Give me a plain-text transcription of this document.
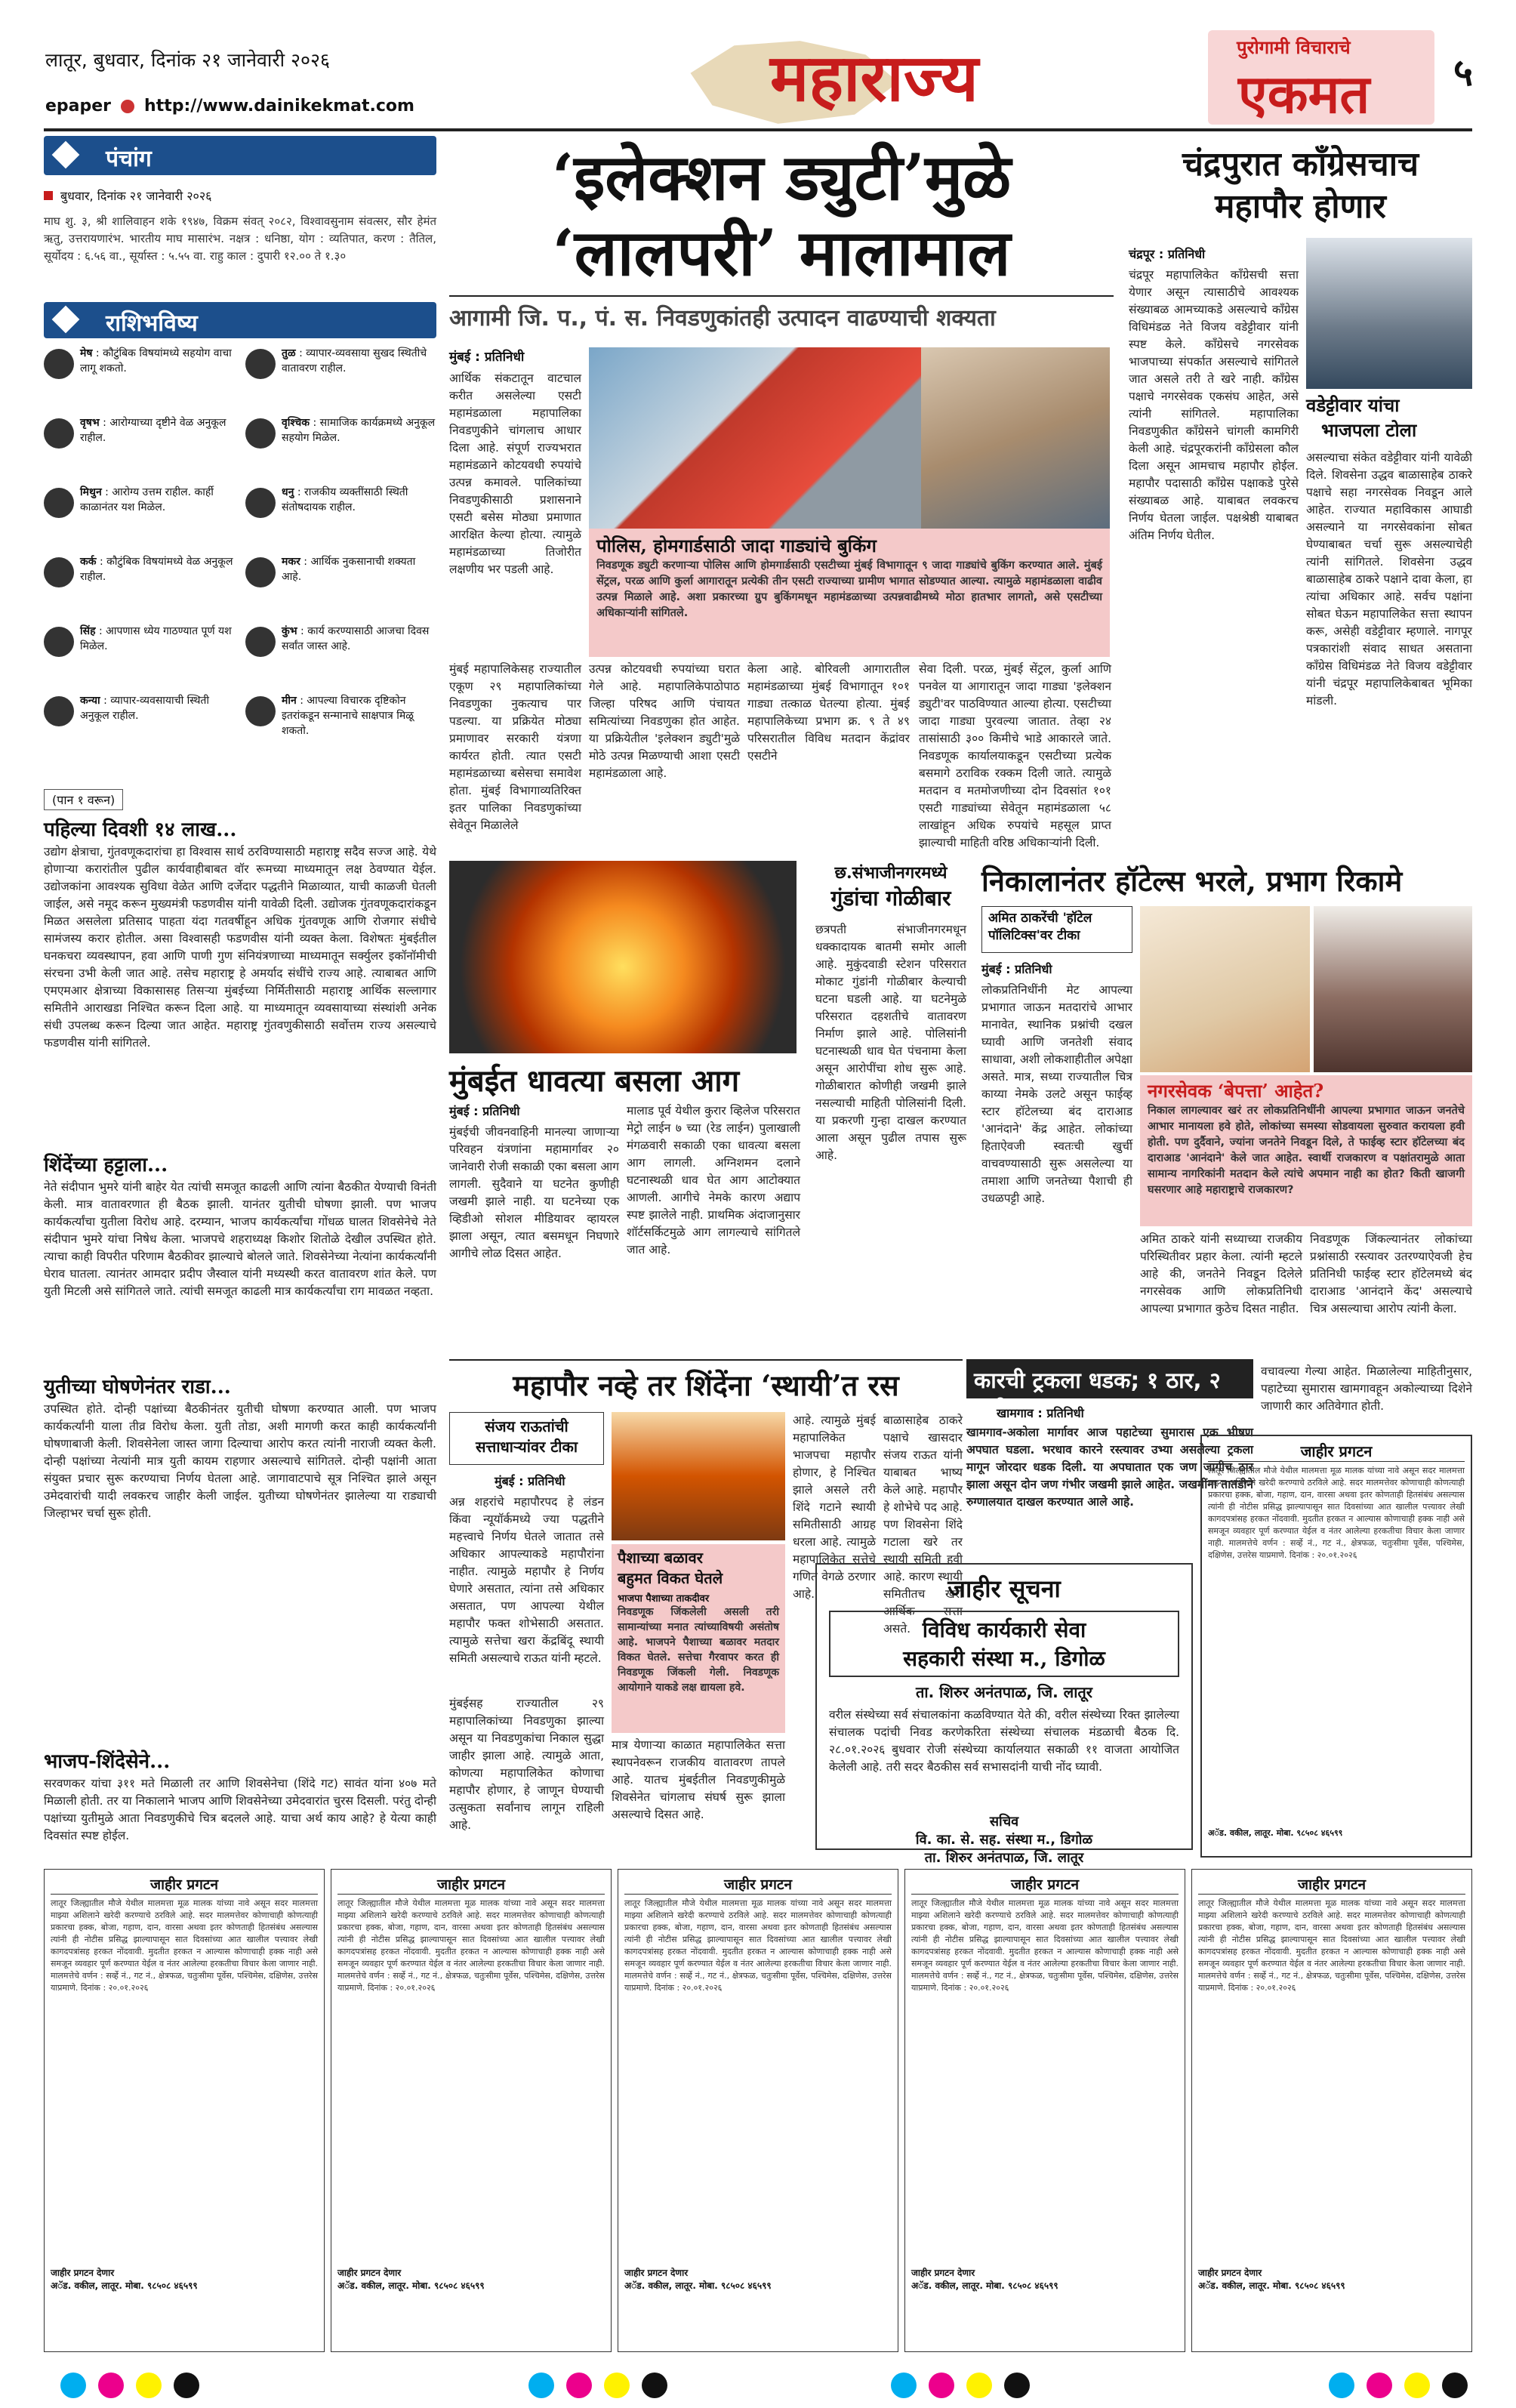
लातूर, बुधवार, दिनांक २१ जानेवारी २०२६
epaper http://www.dainikekmat.com	महाराज्य	पुरोगामी विचाराचे
एकमत ५
पंचांग
बुधवार, दिनांक २१ जानेवारी २०२६
माघ शु. ३, श्री शालिवाहन शके १९४७, विक्रम संवत् २०८२, विश्वावसुनाम संवत्सर, सौर हेमंत ऋतु, उत्तरायणारंभ. भारतीय माघ मासारंभ. नक्षत्र : धनिष्ठा, योग : व्यतिपात, करण : तैतिल, सूर्योदय : ६.५६ वा., सूर्यास्त : ५.५५ वा. राहु काल : दुपारी १२.०० ते १.३०
राशिभविष्य
मेष : कौटुंबिक विषयांमध्ये सहयोग वाचा लागू शकतो.
तुळ : व्यापार-व्यवसाया सुखद स्थितीचे वातावरण राहील.
वृषभ : आरोग्याच्या दृष्टीने वेळ अनुकूल राहील.
वृश्चिक : सामाजिक कार्यक्रमध्ये अनुकूल सहयोग मिळेल.
मिथुन : आरोग्य उत्तम राहील. कार्ही काळानंतर यश मिळेल.
धनु : राजकीय व्यक्तींसाठी स्थिती संतोषदायक राहील.
कर्क : कौटुंबिक विषयांमध्ये वेळ अनुकूल राहील.
मकर : आर्थिक नुकसानाची शक्यता आहे.
सिंह : आपणास ध्येय गाठण्यात पूर्ण यश मिळेल.
कुंभ : कार्य करण्यासाठी आजचा दिवस सर्वांत जास्त आहे.
कन्या : व्यापार-व्यवसायाची स्थिती अनुकूल राहील.
मीन : आपल्या विचारक दृष्टिकोन इतरांकडून सन्मानाचे साक्षपात्र मिळू शकतो.
(पान १ वरून)
पहिल्या दिवशी १४ लाख...
उद्योग क्षेत्राचा, गुंतवणूकदारांचा हा विश्वास सार्थ ठरविण्यासाठी महाराष्ट्र सदैव सज्ज आहे. येथे होणाऱ्या करारांतील पुढील कार्यवाहीबाबत वॉर रूमच्या माध्यमातून लक्ष ठेवण्यात येईल. उद्योजकांना आवश्यक सुविधा वेळेत आणि दर्जेदार पद्धतीने मिळाव्यात, याची काळजी घेतली जाईल, असे नमूद करून मुख्यमंत्री फडणवीस यांनी यावेळी दिली. उद्योजक गुंतवणूकदारांकडून मिळत असलेला प्रतिसाद पाहता यंदा गतवर्षीहून अधिक गुंतवणूक आणि रोजगार संधीचे सामंजस्य करार होतील. असा विश्वासही फडणवीस यांनी व्यक्त केला. विशेषतः मुंबईतील घनकचरा व्यवस्थापन, हवा आणि पाणी गुण संनियंत्रणाच्या माध्यमातून सर्क्युलर इकॉनॉमीची संरचना उभी केली जात आहे. तसेच महाराष्ट्र हे अमर्याद संधींचे राज्य आहे. त्याबाबत आणि एमएमआर क्षेत्राच्या विकासासह तिसऱ्या मुंबईच्या निर्मितीसाठी महाराष्ट्र आर्थिक सल्लागार समितीने आराखडा निश्चित करून दिला आहे. या माध्यमातून व्यवसायाच्या संस्थांशी अनेक संधी उपलब्ध करून दिल्या जात आहेत. महाराष्ट्र गुंतवणुकीसाठी सर्वोत्तम राज्य असल्याचे फडणवीस यांनी सांगितले.
शिंदेंच्या हट्टाला...
नेते संदीपान भुमरे यांनी बाहेर येत त्यांची समजूत काढली आणि त्यांना बैठकीत येण्याची विनंती केली. मात्र वातावरणात ही बैठक झाली. यानंतर युतीची घोषणा झाली. पण भाजप कार्यकर्त्यांचा युतीला विरोध आहे. दरम्यान, भाजप कार्यकर्त्यांचा गोंधळ घालत शिवसेनेचे नेते संदीपान भुमरे यांचा निषेध केला. भाजपचे शहराध्यक्ष किशोर शितोळे देखील उपस्थित होते. त्याचा काही विपरीत परिणाम बैठकीवर झाल्याचे बोलले जाते. शिवसेनेच्या नेत्यांना कार्यकर्त्यांनी घेराव घातला. त्यानंतर आमदार प्रदीप जैस्वाल यांनी मध्यस्थी करत वातावरण शांत केले. पण युती मिटली असे सांगितले जाते. त्यांची समजूत काढली मात्र कार्यकर्त्यांचा राग मावळत नव्हता.
युतीच्या घोषणेनंतर राडा...
उपस्थित होते. दोन्ही पक्षांच्या बैठकीनंतर युतीची घोषणा करण्यात आली. पण भाजप कार्यकर्त्यांनी याला तीव्र विरोध केला. युती तोडा, अशी मागणी करत काही कार्यकर्त्यांनी घोषणाबाजी केली. शिवसेनेला जास्त जागा दिल्याचा आरोप करत त्यांनी नाराजी व्यक्त केली. दोन्ही पक्षांच्या नेत्यांनी मात्र युती कायम राहणार असल्याचे सांगितले. दोन्ही पक्षांनी आता संयुक्त प्रचार सुरू करण्याचा निर्णय घेतला आहे. जागावाटपाचे सूत्र निश्चित झाले असून उमेदवारांची यादी लवकरच जाहीर केली जाईल. युतीच्या घोषणेनंतर झालेल्या या राड्याची जिल्हाभर चर्चा सुरू होती.
भाजप-शिंदेसेने...
सरवणकर यांचा ३११ मते मिळाली तर आणि शिवसेनेचा (शिंदे गट) सावंत यांना ४०७ मते मिळाली होती. तर या निकालाने भाजप आणि शिवसेनेच्या उमेदवारांत चुरस दिसली. परंतु दोन्ही पक्षांच्या युतीमुळे आता निवडणुकीचे चित्र बदलले आहे. याचा अर्थ काय आहे? हे येत्या काही दिवसांत स्पष्ट होईल.
‘इलेक्शन ड्युटी’मुळे
‘लालपरी’ मालामाल
आगामी जि. प., पं. स. निवडणुकांतही उत्पादन वाढण्याची शक्यता
मुंबई : प्रतिनिधी
आर्थिक संकटातून वाटचाल करीत असलेल्या एसटी महामंडळाला महापालिका निवडणुकीने चांगलाच आधार दिला आहे. संपूर्ण राज्यभरात महामंडळाने कोटयवधी रुपयांचे उत्पन्न कमावले. पालिकांच्या निवडणुकीसाठी प्रशासनाने एसटी बसेस मोठ्या प्रमाणात आरक्षित केल्या होत्या. त्यामुळे महामंडळाच्या तिजोरीत लक्षणीय भर पडली आहे.
पोलिस, होमगार्डसाठी जादा गाड्यांचे बुकिंग
निवडणूक ड्युटी करणाऱ्या पोलिस आणि होमगार्डसाठी एसटीच्या मुंबई विभागातून ९ जादा गाड्यांचे बुकिंग करण्यात आले. मुंबई सेंट्रल, परळ आणि कुर्ला आगारातून प्रत्येकी तीन एसटी राज्याच्या ग्रामीण भागात सोडण्यात आल्या. त्यामुळे महामंडळाला वाढीव उत्पन्न मिळाले आहे. अशा प्रकारच्या ग्रुप बुकिंगमधून महामंडळाच्या उत्पन्नवाढीमध्ये मोठा हातभार लागतो, असे एसटीच्या अधिकाऱ्यांनी सांगितले.
मुंबई महापालिकेसह राज्यातील एकूण २९ महापालिकांच्या निवडणुका नुकत्याच पार पडल्या. या प्रक्रियेत मोठ्या प्रमाणावर सरकारी यंत्रणा कार्यरत होती. त्यात एसटी महामंडळाच्या बसेसचा समावेश होता. मुंबई विभागाव्यतिरिक्त इतर पालिका निवडणुकांच्या सेवेतून मिळालेले
उत्पन्न कोटयवधी रुपयांच्या घरात गेले आहे. महापालिकेपाठोपाठ जिल्हा परिषद आणि पंचायत समित्यांच्या निवडणुका होत आहेत. या प्रक्रियेतील 'इलेक्शन ड्युटी'मुळे मोठे उत्पन्न मिळण्याची आशा एसटी महामंडळाला आहे.
केला आहे. बोरिवली आगारातील महामंडळाच्या मुंबई विभागातून १०१ गाड्या तत्काळ घेतल्या होत्या. मुंबई महापालिकेच्या प्रभाग क्र. ९ ते ४९ परिसरातील विविध मतदान केंद्रांवर एसटीने
सेवा दिली. परळ, मुंबई सेंट्रल, कुर्ला आणि पनवेल या आगारातून जादा गाड्या 'इलेक्शन ड्युटी'वर पाठविण्यात आल्या होत्या. एसटीच्या जादा गाड्या पुरवल्या जातात. तेव्हा २४ तासांसाठी ३०० किमीचे भाडे आकारले जाते. निवडणूक कार्यालयाकडून एसटीच्या प्रत्येक बसमागे ठराविक रक्कम दिली जाते. त्यामुळे मतदान व मतमोजणीच्या दोन दिवसांत १०१ एसटी गाड्यांच्या सेवेतून महामंडळाला ५८ लाखांहून अधिक रुपयांचे महसूल प्राप्त झाल्याची माहिती वरिष्ठ अधिकाऱ्यांनी दिली.
चंद्रपुरात काँग्रेसचाच
महापौर होणार
चंद्रपूर : प्रतिनिधी
चंद्रपूर महापालिकेत काँग्रेसची सत्ता येणार असून त्यासाठीचे आवश्यक संख्याबळ आमच्याकडे असल्याचे काँग्रेस विधिमंडळ नेते विजय वडेट्टीवार यांनी स्पष्ट केले. काँग्रेसचे नगरसेवक भाजपाच्या संपर्कात असल्याचे सांगितले जात असले तरी ते खरे नाही. काँग्रेस पक्षाचे नगरसेवक एकसंघ आहेत, असे त्यांनी सांगितले. महापालिका निवडणुकीत काँग्रेसने चांगली कामगिरी केली आहे. चंद्रपूरकरांनी काँग्रेसला कौल दिला असून आमचाच महापौर होईल. महापौर पदासाठी काँग्रेस पक्षाकडे पुरेसे संख्याबळ आहे. याबाबत लवकरच निर्णय घेतला जाईल. पक्षश्रेष्ठी याबाबत अंतिम निर्णय घेतील.
वडेट्टीवार यांचा
भाजपला टोला
असल्याचा संकेत वडेट्टीवार यांनी यावेळी दिले. शिवसेना उद्धव बाळासाहेब ठाकरे पक्षाचे सहा नगरसेवक निवडून आले आहेत. राज्यात महाविकास आघाडी असल्याने या नगरसेवकांना सोबत घेण्याबाबत चर्चा सुरू असल्याचेही त्यांनी सांगितले. शिवसेना उद्धव बाळासाहेब ठाकरे पक्षाने दावा केला, हा त्यांचा अधिकार आहे. सर्वच पक्षांना सोबत घेऊन महापालिकेत सत्ता स्थापन करू, असेही वडेट्टीवार म्हणाले. नागपूर पत्रकारांशी संवाद साधत असताना काँग्रेस विधिमंडळ नेते विजय वडेट्टीवार यांनी चंद्रपूर महापालिकेबाबत भूमिका मांडली.
मुंबईत धावत्या बसला आग
मुंबई : प्रतिनिधी
मुंबईची जीवनवाहिनी मानल्या जाणाऱ्या परिवहन यंत्रणांना महामार्गावर २० जानेवारी रोजी सकाळी एका बसला आग लागली. सुदैवाने या घटनेत कुणीही जखमी झाले नाही. या घटनेच्या एक व्हिडीओ सोशल मीडियावर व्हायरल झाला असून, त्यात बसमधून निघणारे आगीचे लोळ दिसत आहेत.
मालाड पूर्व येथील कुरार व्हिलेज परिसरात मेट्रो लाईन ७ च्या (रेड लाईन) पुलाखाली मंगळवारी सकाळी एका धावत्या बसला आग लागली. अग्निशमन दलाने घटनास्थळी धाव घेत आग आटोक्यात आणली. आगीचे नेमके कारण अद्याप स्पष्ट झालेले नाही. प्राथमिक अंदाजानुसार शॉर्टसर्किटमुळे आग लागल्याचे सांगितले जात आहे.
छ.संभाजीनगरमध्ये
गुंडांचा गोळीबार
छत्रपती संभाजीनगरमधून धक्कादायक बातमी समोर आली आहे. मुकुंदवाडी स्टेशन परिसरात मोकाट गुंडांनी गोळीबार केल्याची घटना घडली आहे. या घटनेमुळे परिसरात दहशतीचे वातावरण निर्माण झाले आहे. पोलिसांनी घटनास्थळी धाव घेत पंचनामा केला असून आरोपींचा शोध सुरू आहे. गोळीबारात कोणीही जखमी झाले नसल्याची माहिती पोलिसांनी दिली. या प्रकरणी गुन्हा दाखल करण्यात आला असून पुढील तपास सुरू आहे.
निकालानंतर हॉटेल्स भरले, प्रभाग रिकामे
अमित ठाकरेंची 'हॉटेल
पॉलिटिक्स'वर टीका
मुंबई : प्रतिनिधी
लोकप्रतिनिधींनी मेट आपल्या प्रभागात जाऊन मतदारांचे आभार मानावेत, स्थानिक प्रश्नांची दखल घ्यावी आणि जनतेशी संवाद साधावा, अशी लोकशाहीतील अपेक्षा असते. मात्र, सध्या राज्यातील चित्र काय्या नेमके उलटे असून फाईव्ह स्टार हॉटेलच्या बंद दाराआड 'आनंदाने' केंद्र आहेत. लोकांच्या हिताऐवजी स्वतःची खुर्ची वाचवण्यासाठी सुरू असलेल्या या तमाशा आणि जनतेच्या पैशाची ही उधळपट्टी आहे.
नगरसेवक ‘बेपत्ता’ आहेत?
निकाल लागल्यावर खरं तर लोकप्रतिनिधींनी आपल्या प्रभागात जाऊन जनतेचे आभार मानायला हवे होते, लोकांच्या समस्या सोडवायला सुरुवात करायला हवी होती. पण दुर्दैवाने, ज्यांना जनतेने निवडून दिले, ते फाईव्ह स्टार हॉटेलच्या बंद दाराआड 'आनंदाने' केले जात आहेत. स्वार्थी राजकारण व पक्षांतरामुळे आता सामान्य नागरिकांनी मतदान केले त्यांचे अपमान नाही का होत? किती खाजगी घसरणार आहे महाराष्ट्राचे राजकारण?
अमित ठाकरे यांनी सध्याच्या राजकीय परिस्थितीवर प्रहार केला. त्यांनी म्हटले आहे की, जनतेने निवडून दिलेले नगरसेवक आणि लोकप्रतिनिधी आपल्या प्रभागात कुठेच दिसत नाहीत.
निवडणूक जिंकल्यानंतर लोकांच्या प्रश्नांसाठी रस्त्यावर उतरण्याऐवजी हेच प्रतिनिधी फाईव्ह स्टार हॉटेलमध्ये बंद दाराआड 'आनंदाने केंद' असल्याचे चित्र असल्याचा आरोप त्यांनी केला.
महापौर नव्हे तर शिंदेंना ‘स्थायी’त रस
संजय राऊतांची
सत्ताधाऱ्यांवर टीका
मुंबई : प्रतिनिधी
अन्न शहरांचे महापौरपद हे लंडन किंवा न्यूयॉर्कमध्ये ज्या पद्धतीने महत्त्वाचे निर्णय घेतले जातात तसे अधिकार आपल्याकडे महापौरांना नाहीत. त्यामुळे महापौर हे निर्णय घेणारे असतात, त्यांना तसे अधिकार असतात, पण आपल्या येथील महापौर फक्त शोभेसाठी असतात. त्यामुळे सत्तेचा खरा केंद्रबिंदू स्थायी समिती असल्याचे राऊत यांनी म्हटले.
मुंबईसह राज्यातील २९ महापालिकांच्या निवडणुका झाल्या असून या निवडणुकांचा निकाल सुद्धा जाहीर झाला आहे. त्यामुळे आता, कोणत्या महापालिकेत कोणाचा महापौर होणार, हे जाणून घेण्याची उत्सुकता सर्वांनाच लागून राहिली आहे.
पैशाच्या बळावर
बहुमत विकत घेतले
भाजपा पैशाच्या ताकदीवर
निवडणूक जिंकलेली असली तरी सामान्यांच्या मनात त्यांच्याविषयी असंतोष आहे. भाजपने पैशाच्या बळावर मतदार विकत घेतले. सत्तेचा गैरवापर करत ही निवडणूक जिंकली गेली. निवडणूक आयोगाने याकडे लक्ष द्यायला हवे.
मात्र येणाऱ्या काळात महापालिकेत सत्ता स्थापनेवरून राजकीय वातावरण तापले आहे. यातच मुंबईतील निवडणुकीमुळे शिवसेनेत चांगलाच संघर्ष सुरू झाला असल्याचे दिसत आहे.
आहे. त्यामुळे मुंबई महापालिकेत भाजपचा महापौर होणार, हे निश्चित झाले असले तरी शिंदे गटाने स्थायी समितीसाठी आग्रह धरला आहे. त्यामुळे महापालिकेत सत्तेचे गणित वेगळे ठरणार आहे.
बाळासाहेब ठाकरे पक्षाचे खासदार संजय राऊत यांनी याबाबत भाष्य केले आहे. महापौर हे शोभेचे पद आहे. पण शिवसेना शिंदे गटाला खरे तर स्थायी समिती हवी आहे. कारण स्थायी समितीतच खरी आर्थिक सत्ता असते.
कारची ट्रकला धडक; १ ठार, २ गंभीर
खामगाव : प्रतिनिधी
खामगाव-अकोला मार्गावर आज पहाटेच्या सुमारास एक भीषण अपघात घडला. भरधाव कारने रस्त्यावर उभ्या असलेल्या ट्रकला मागून जोरदार धडक दिली. या अपघातात एक जण जागीच ठार झाला असून दोन जण गंभीर जखमी झाले आहेत. जखमींना तातडीने रुग्णालयात दाखल करण्यात आले आहे.
वचावल्या गेल्या आहेत. मिळालेल्या माहितीनुसार, पहाटेच्या सुमारास खामगावहून अकोल्याच्या दिशेने जाणारी कार अतिवेगात होती.
जाहीर सूचना
विविध कार्यकारी सेवा
सहकारी संस्था म., डिगोळ
ता. शिरुर अनंतपाळ, जि. लातूर
वरील संस्थेच्या सर्व संचालकांना कळविण्यात येते की, वरील संस्थेच्या रिक्त झालेल्या संचालक पदांची निवड करणेकरिता संस्थेच्या संचालक मंडळाची बैठक दि. २८.०१.२०२६ बुधवार रोजी संस्थेच्या कार्यालयात सकाळी ११ वाजता आयोजित केलेली आहे. तरी सदर बैठकीस सर्व सभासदांनी याची नोंद घ्यावी.
सचिव
वि. का. से. सह. संस्था म., डिगोळ
ता. शिरुर अनंतपाळ, जि. लातूर
जाहीर प्रगटन
लातूर जिल्ह्यातील मौजे येथील मालमत्ता मूळ मालक यांच्या नावे असून सदर मालमत्ता माझ्या अशिलाने खरेदी करण्याचे ठरविले आहे. सदर मालमत्तेवर कोणाचाही कोणत्याही प्रकारचा हक्क, बोजा, गहाण, दान, वारसा अथवा इतर कोणताही हितसंबंध असल्यास त्यांनी ही नोटीस प्रसिद्ध झाल्यापासून सात दिवसांच्या आत खालील पत्त्यावर लेखी कागदपत्रांसह हरकत नोंदवावी. मुदतीत हरकत न आल्यास कोणाचाही हक्क नाही असे समजून व्यवहार पूर्ण करण्यात येईल व नंतर आलेल्या हरकतीचा विचार केला जाणार नाही. मालमत्तेचे वर्णन : सर्व्हे नं., गट नं., क्षेत्रफळ, चतुःसीमा पूर्वेस, पश्चिमेस, दक्षिणेस, उत्तरेस याप्रमाणे. दिनांक : २०.०१.२०२६
अॅड. वकील, लातूर. मोबा. ९८५०८ ४६५९९
जाहीर प्रगटन
लातूर जिल्ह्यातील मौजे येथील मालमत्ता मूळ मालक यांच्या नावे असून सदर मालमत्ता माझ्या अशिलाने खरेदी करण्याचे ठरविले आहे. सदर मालमत्तेवर कोणाचाही कोणत्याही प्रकारचा हक्क, बोजा, गहाण, दान, वारसा अथवा इतर कोणताही हितसंबंध असल्यास त्यांनी ही नोटीस प्रसिद्ध झाल्यापासून सात दिवसांच्या आत खालील पत्त्यावर लेखी कागदपत्रांसह हरकत नोंदवावी. मुदतीत हरकत न आल्यास कोणाचाही हक्क नाही असे समजून व्यवहार पूर्ण करण्यात येईल व नंतर आलेल्या हरकतीचा विचार केला जाणार नाही. मालमत्तेचे वर्णन : सर्व्हे नं., गट नं., क्षेत्रफळ, चतुःसीमा पूर्वेस, पश्चिमेस, दक्षिणेस, उत्तरेस याप्रमाणे. दिनांक : २०.०१.२०२६
जाहीर प्रगटन देणार
अॅड. वकील, लातूर. मोबा. ९८५०८ ४६५९९
जाहीर प्रगटन
लातूर जिल्ह्यातील मौजे येथील मालमत्ता मूळ मालक यांच्या नावे असून सदर मालमत्ता माझ्या अशिलाने खरेदी करण्याचे ठरविले आहे. सदर मालमत्तेवर कोणाचाही कोणत्याही प्रकारचा हक्क, बोजा, गहाण, दान, वारसा अथवा इतर कोणताही हितसंबंध असल्यास त्यांनी ही नोटीस प्रसिद्ध झाल्यापासून सात दिवसांच्या आत खालील पत्त्यावर लेखी कागदपत्रांसह हरकत नोंदवावी. मुदतीत हरकत न आल्यास कोणाचाही हक्क नाही असे समजून व्यवहार पूर्ण करण्यात येईल व नंतर आलेल्या हरकतीचा विचार केला जाणार नाही. मालमत्तेचे वर्णन : सर्व्हे नं., गट नं., क्षेत्रफळ, चतुःसीमा पूर्वेस, पश्चिमेस, दक्षिणेस, उत्तरेस याप्रमाणे. दिनांक : २०.०१.२०२६
जाहीर प्रगटन देणार
अॅड. वकील, लातूर. मोबा. ९८५०८ ४६५९९
जाहीर प्रगटन
लातूर जिल्ह्यातील मौजे येथील मालमत्ता मूळ मालक यांच्या नावे असून सदर मालमत्ता माझ्या अशिलाने खरेदी करण्याचे ठरविले आहे. सदर मालमत्तेवर कोणाचाही कोणत्याही प्रकारचा हक्क, बोजा, गहाण, दान, वारसा अथवा इतर कोणताही हितसंबंध असल्यास त्यांनी ही नोटीस प्रसिद्ध झाल्यापासून सात दिवसांच्या आत खालील पत्त्यावर लेखी कागदपत्रांसह हरकत नोंदवावी. मुदतीत हरकत न आल्यास कोणाचाही हक्क नाही असे समजून व्यवहार पूर्ण करण्यात येईल व नंतर आलेल्या हरकतीचा विचार केला जाणार नाही. मालमत्तेचे वर्णन : सर्व्हे नं., गट नं., क्षेत्रफळ, चतुःसीमा पूर्वेस, पश्चिमेस, दक्षिणेस, उत्तरेस याप्रमाणे. दिनांक : २०.०१.२०२६
जाहीर प्रगटन देणार
अॅड. वकील, लातूर. मोबा. ९८५०८ ४६५९९
जाहीर प्रगटन
लातूर जिल्ह्यातील मौजे येथील मालमत्ता मूळ मालक यांच्या नावे असून सदर मालमत्ता माझ्या अशिलाने खरेदी करण्याचे ठरविले आहे. सदर मालमत्तेवर कोणाचाही कोणत्याही प्रकारचा हक्क, बोजा, गहाण, दान, वारसा अथवा इतर कोणताही हितसंबंध असल्यास त्यांनी ही नोटीस प्रसिद्ध झाल्यापासून सात दिवसांच्या आत खालील पत्त्यावर लेखी कागदपत्रांसह हरकत नोंदवावी. मुदतीत हरकत न आल्यास कोणाचाही हक्क नाही असे समजून व्यवहार पूर्ण करण्यात येईल व नंतर आलेल्या हरकतीचा विचार केला जाणार नाही. मालमत्तेचे वर्णन : सर्व्हे नं., गट नं., क्षेत्रफळ, चतुःसीमा पूर्वेस, पश्चिमेस, दक्षिणेस, उत्तरेस याप्रमाणे. दिनांक : २०.०१.२०२६
जाहीर प्रगटन देणार
अॅड. वकील, लातूर. मोबा. ९८५०८ ४६५९९
जाहीर प्रगटन
लातूर जिल्ह्यातील मौजे येथील मालमत्ता मूळ मालक यांच्या नावे असून सदर मालमत्ता माझ्या अशिलाने खरेदी करण्याचे ठरविले आहे. सदर मालमत्तेवर कोणाचाही कोणत्याही प्रकारचा हक्क, बोजा, गहाण, दान, वारसा अथवा इतर कोणताही हितसंबंध असल्यास त्यांनी ही नोटीस प्रसिद्ध झाल्यापासून सात दिवसांच्या आत खालील पत्त्यावर लेखी कागदपत्रांसह हरकत नोंदवावी. मुदतीत हरकत न आल्यास कोणाचाही हक्क नाही असे समजून व्यवहार पूर्ण करण्यात येईल व नंतर आलेल्या हरकतीचा विचार केला जाणार नाही. मालमत्तेचे वर्णन : सर्व्हे नं., गट नं., क्षेत्रफळ, चतुःसीमा पूर्वेस, पश्चिमेस, दक्षिणेस, उत्तरेस याप्रमाणे. दिनांक : २०.०१.२०२६
जाहीर प्रगटन देणार
अॅड. वकील, लातूर. मोबा. ९८५०८ ४६५९९
